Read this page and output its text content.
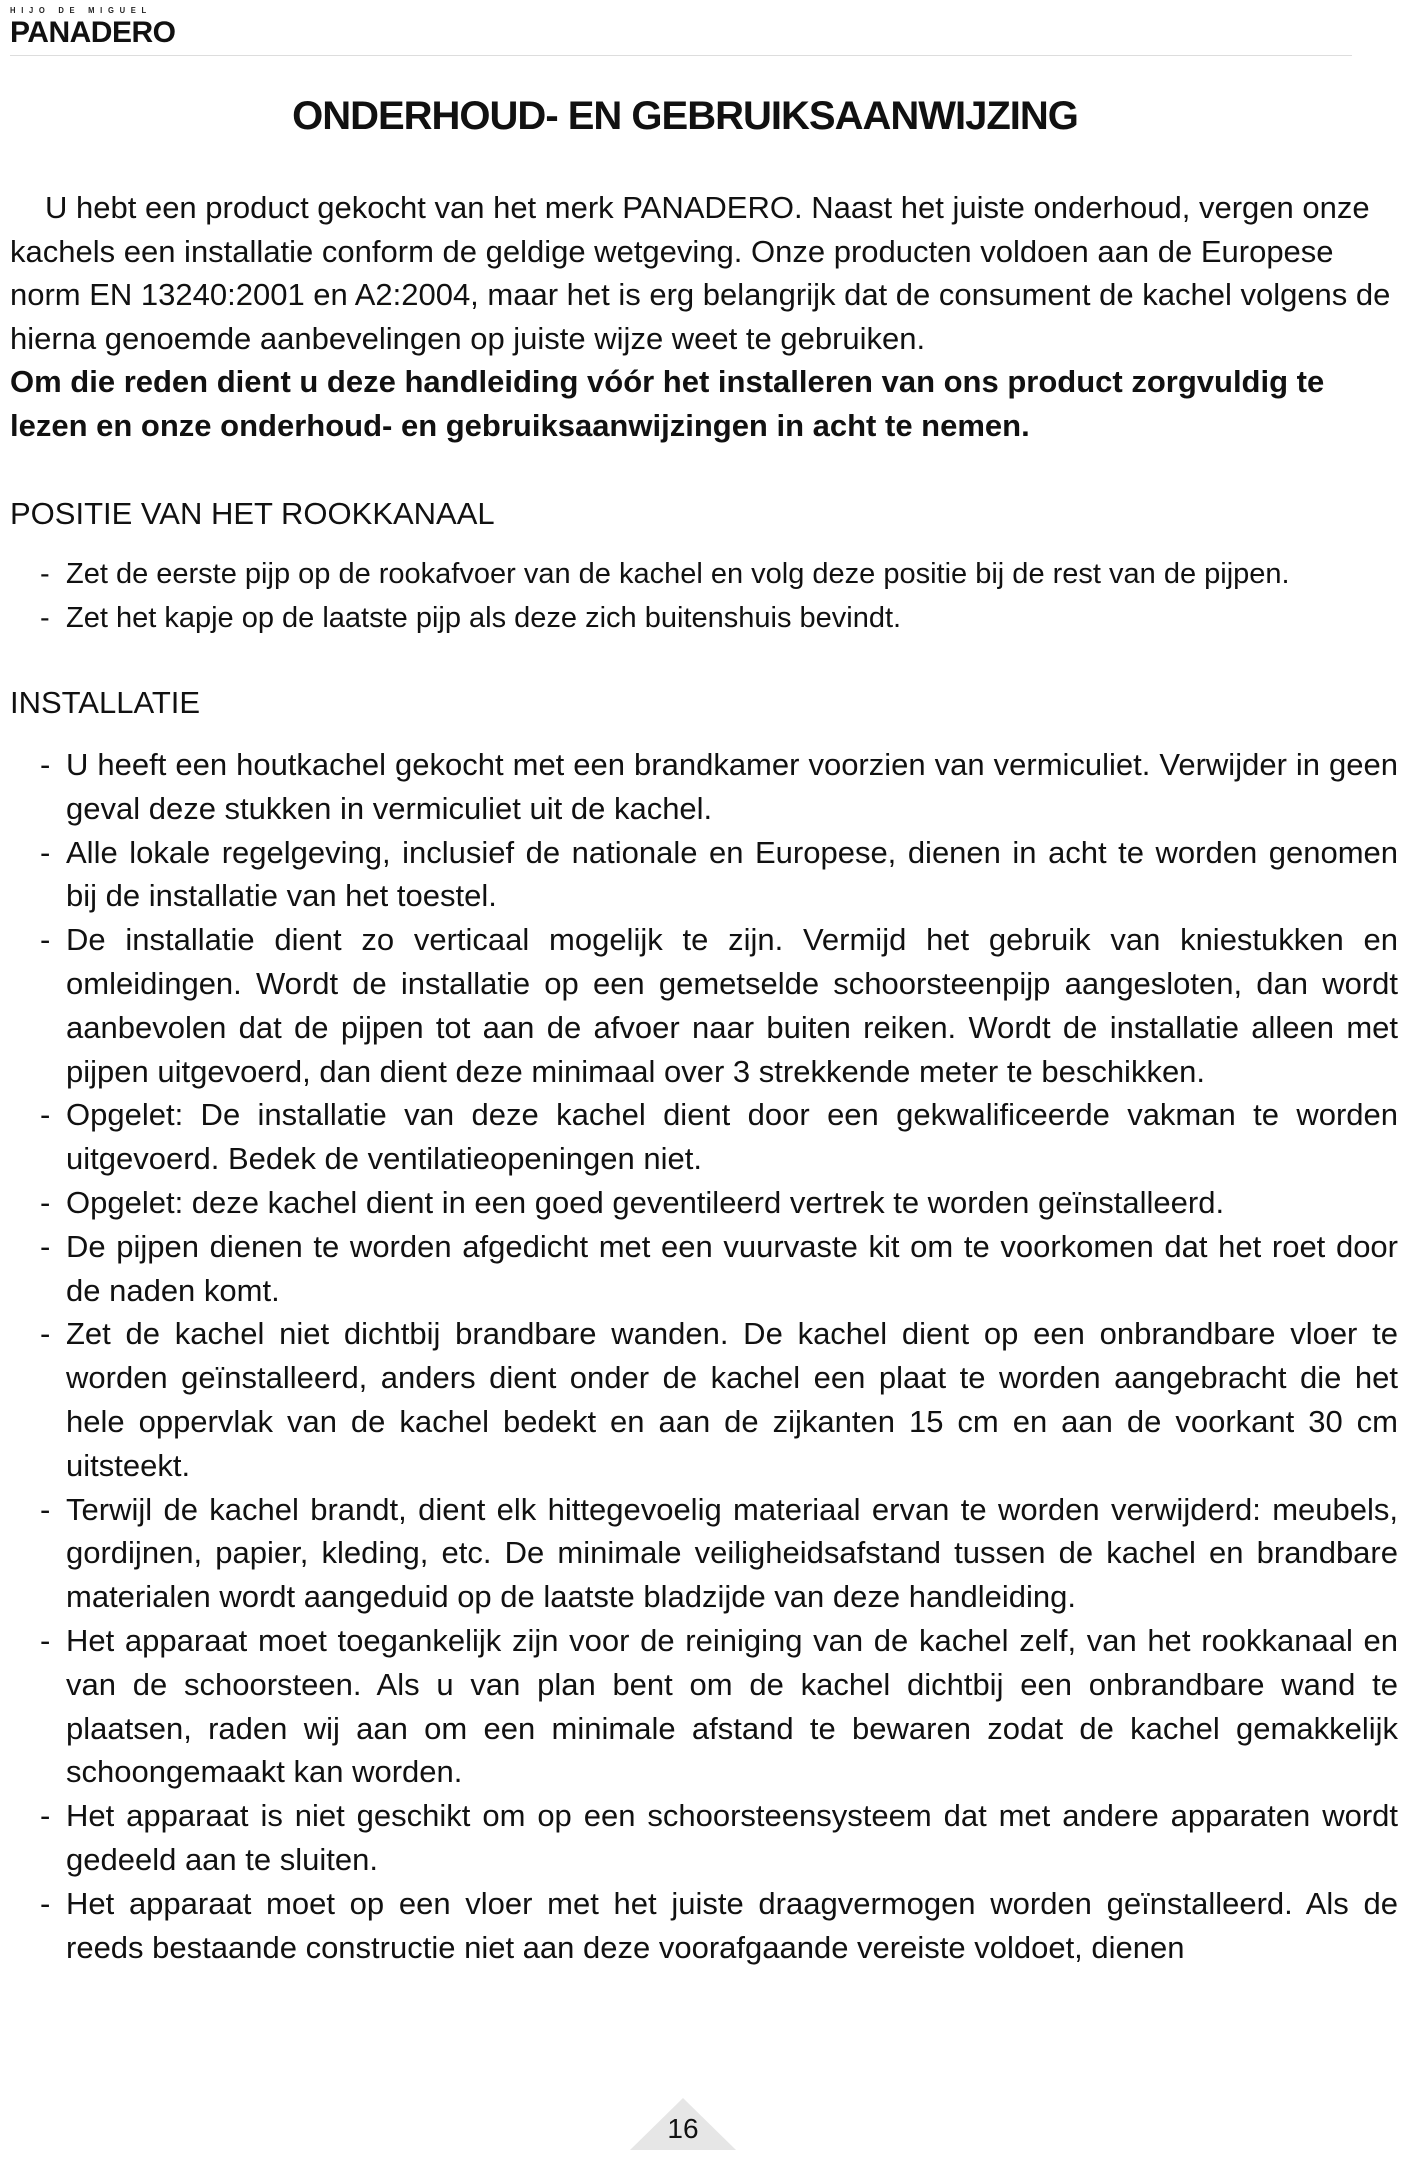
HIJO DE MIGUEL
PANADERO
ONDERHOUD- EN GEBRUIKSAANWIJZING

U hebt een product gekocht van het merk PANADERO. Naast het juiste onderhoud, vergen onze kachels een installatie conform de geldige wetgeving. Onze producten voldoen aan de Europese norm EN 13240:2001 en A2:2004, maar het is erg belangrijk dat de consument de kachel volgens de hierna genoemde aanbevelingen op juiste wijze weet te gebruiken.

Om die reden dient u deze handleiding vóór het installeren van ons product zorgvuldig te lezen en onze onderhoud- en gebruiksaanwijzingen in acht te nemen.

POSITIE VAN HET ROOKKANAAL
- Zet de eerste pijp op de rookafvoer van de kachel en volg deze positie bij de rest van de pijpen.
- Zet het kapje op de laatste pijp als deze zich buitenshuis bevindt.
INSTALLATIE
- U heeft een houtkachel gekocht met een brandkamer voorzien van vermiculiet. Verwijder in geen geval deze stukken in vermiculiet uit de kachel.
- Alle lokale regelgeving, inclusief de nationale en Europese, dienen in acht te worden genomen bij de installatie van het toestel.
- De installatie dient zo verticaal mogelijk te zijn. Vermijd het gebruik van kniestukken en omleidingen. Wordt de installatie op een gemetselde schoorsteenpijp aangesloten, dan wordt aanbevolen dat de pijpen tot aan de afvoer naar buiten reiken. Wordt de installatie alleen met pijpen uitgevoerd, dan dient deze minimaal over 3 strekkende meter te beschikken.
- Opgelet: De installatie van deze kachel dient door een gekwalificeerde vakman te worden uitgevoerd. Bedek de ventilatieopeningen niet.
- Opgelet: deze kachel dient in een goed geventileerd vertrek te worden geïnstalleerd.
- De pijpen dienen te worden afgedicht met een vuurvaste kit om te voorkomen dat het roet door de naden komt.
- Zet de kachel niet dichtbij brandbare wanden. De kachel dient op een onbrandbare vloer te worden geïnstalleerd, anders dient onder de kachel een plaat te worden aangebracht die het hele oppervlak van de kachel bedekt en aan de zijkanten 15 cm en aan de voorkant 30 cm uitsteekt.
- Terwijl de kachel brandt, dient elk hittegevoelig materiaal ervan te worden verwijderd: meubels, gordijnen, papier, kleding, etc. De minimale veiligheidsafstand tussen de kachel en brandbare materialen wordt aangeduid op de laatste bladzijde van deze handleiding.
- Het apparaat moet toegankelijk zijn voor de reiniging van de kachel zelf, van het rookkanaal en van de schoorsteen. Als u van plan bent om de kachel dichtbij een onbrandbare wand te plaatsen, raden wij aan om een minimale afstand te bewaren zodat de kachel gemakkelijk schoongemaakt kan worden.
- Het apparaat is niet geschikt om op een schoorsteensysteem dat met andere apparaten wordt gedeeld aan te sluiten.
- Het apparaat moet op een vloer met het juiste draagvermogen worden geïnstalleerd. Als de reeds bestaande constructie niet aan deze voorafgaande vereiste voldoet, dienen
16
